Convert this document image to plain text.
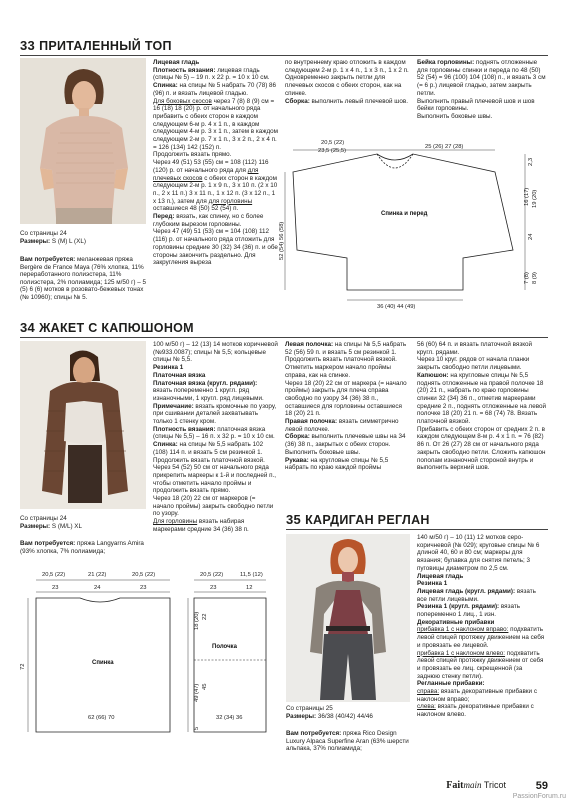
33 ПРИТАЛЕННЫЙ ТОП
Со страницы 24
Размеры: S (M) L (XL)
Вам потребуется: меланжевая пряжа Bergère de France Maya (76% хлопка, 11% переработанного полиэстера, 11% полиэстера, 2% полиамида; 125 м/50 г) – 5 (5) 6 (6) мотков в розовато-бежевых тонах (№ 10960); спицы № 5.

Лицевая гладь

Плотность вязания: лицевая гладь (спицы № 5) – 19 п. x 22 р. = 10 x 10 см.

Спинка: на спицы № 5 набрать 70 (78) 86 (96) п. и вязать лицевой гладью.

Для боковых скосов через 7 (8) 8 (9) см = 16 (18) 18 (20) р. от начального ряда прибавить с обеих сторон в каждом следующем 6-м р. 4 x 1 п., в каждом следующем 4-м р. 3 x 1 п., затем в каждом следующем 2-м р. 7 x 1 п., 3 x 2 п., 2 x 4 п. = 126 (134) 142 (152) п.

Продолжить вязать прямо.

Через 49 (51) 53 (55) см = 108 (112) 116 (120) р. от начального ряда для для плечевых скосов с обеих сторон в каждом следующем 2-м р. 1 x 9 п., 3 x 10 п. (2 x 10 п., 2 x 11 п.) 3 x 11 п., 1 x 12 п. (3 x 12 п., 1 x 13 п.), затем для для горловины оставшиеся 48 (50) 52 (54) п.

Перед: вязать, как спинку, но с более глубоким вырезом горловины.

Через 47 (49) 51 (53) см = 104 (108) 112 (116) р. от начального ряда отложить для горловины средние 30 (32) 34 (36) п. и обе стороны закончить раздельно. Для закругления выреза

по внутреннему краю отложить в каждом следующем 2-м р. 1 x 4 п., 1 x 3 п., 1 x 2 п.

Одновременно закрыть петли для плечевых скосов с обеих сторон, как на спинке.

Сборка: выполнить левый плечевой шов.

Бейка горловины: поднять отложенные для горловины спинки и переда по 48 (50) 52 (54) = 96 (100) 104 (108) п., и вязать 3 см (= 6 р.) лицевой гладью, затем закрыть петли.

Выполнить правый плечевой шов и шов бейки горловины.

Выполнить боковые швы.

20,5 (22)
23,5 (25,5)
25 (26) 27 (28)
Спинка и перед
52 (54) 56 (58)
2,3
16 (17) 19 (20)
24
7 (8) 8 (9)
36 (40) 44 (49)
34 ЖАКЕТ С КАПЮШОНОМ
Со страницы 24
Размеры: S (M/L) XL
Вам потребуется: пряжа Langyarns Amira (93% хлопка, 7% полиамида;

100 м/50 г) – 12 (13) 14 мотков коричневой (№933.0087); спицы № 5,5; кольцевые спицы № 5,5.

Резинка 1

Платочная вязка

Платочная вязка (кругл. рядами): вязать попеременно 1 кругл. ряд изнаночными, 1 кругл. ряд лицевыми.

Примечание: вязать кромочные по узору, при сшивании деталей захватывать только 1 стенку кром.

Плотность вязания: платочная вязка (спицы № 5,5) – 16 п. x 32 р. = 10 x 10 см.

Спинка: на спицы № 5,5 набрать 102 (108) 114 п. и вязать 5 см резинкой 1. Продолжить вязать платочной вязкой.

Через 54 (52) 50 см от начального ряда прикрепить маркеры к 1-й и последней п., чтобы отметить начало проймы и продолжить вязать прямо.

Через 18 (20) 22 см от маркеров (= начало проймы) закрыть свободно петли по узору.

Для горловины вязать набирая маркерами средние 34 (36) 38 п.

Левая полочка: на спицы № 5,5 набрать 52 (56) 59 п. и вязать 5 см резинкой 1. Продолжить вязать платочной вязкой. Отметить маркером начало проймы справа, как на спинке.

Через 18 (20) 22 см от маркера (= начало проймы) закрыть для плеча справа свободно по узору 34 (36) 38 п., оставшиеся для горловины оставшиеся 18 (20) 21 п.

Правая полочка: вязать симметрично левой полочке.

Сборка: выполнить плечевые швы на 34 (36) 38 п., закрытых с обеих сторон. Выполнить боковые швы.

Рукава: на кругловые спицы № 5,5 набрать по краю каждой проймы

56 (60) 64 п. и вязать платочной вязкой кругл. рядами.

Через 10 круг. рядов от начала планки закрыть свободно петли лицевыми.

Капюшон: на кругловые спицы № 5,5 поднять отложенные на правой полочке 18 (20) 21 п., набрать по краю горловины спинки 32 (34) 36 п., отметив маркерами средние 2 п., поднять отложенные на левой полочке 18 (20) 21 п. = 68 (74) 78. Вязать платочной вязкой.

Прибавить с обеих сторон от средних 2 п. в каждом следующем 8-м р. 4 x 1 п. = 76 (82) 86 п. От 26 (27) 28 см от начального ряда закрыть свободно петли. Сложить капюшон пополам изнаночной стороной внутрь и выполнить верхний шов.

20,5 (22)	21 (22)	20,5 (22)
23	24	23
Спинка
72
62 (66) 70
20,5 (22)	11,5 (12)
23	12
Полочка
18 (20) 22
49 (47) 45
5
32 (34) 36
35 КАРДИГАН РЕГЛАН
Со страницы 25
Размеры: 36/38 (40/42) 44/46
Вам потребуется: пряжа Rico Design Luxury Alpaca Superfine Aran (63% шерсти альпака, 37% полиамида;

140 м/50 г) – 10 (11) 12 мотков серо-коричневой (№ 029); круговые спицы № 6 длиной 40, 60 и 80 см; маркеры для вязания; булавка для снятия петель; 3 пуговицы диаметром по 2,5 см.

Лицевая гладь

Резинка 1

Лицевая гладь (кругл. рядами): вязать все петли лицевыми.

Резинка 1 (кругл. рядами): вязать попеременно 1 лиц., 1 изн.

Декоративные прибавки

прибавка 1 с наклоном вправо: подхватить левой спицей протяжку движением на себя и провязать ее лицевой.

прибавка 1 с наклоном влево: подхватить левой спицей протяжку движением от себя и провязать ее лиц. скрещенной (за заднюю стенку петли).

Регланные прибавки:

справа: вязать декоративные прибавки с наклоном вправо;

слева: вязать декоративные прибавки с наклоном влево.

Faitmain Tricot	59
PassionForum.ru
